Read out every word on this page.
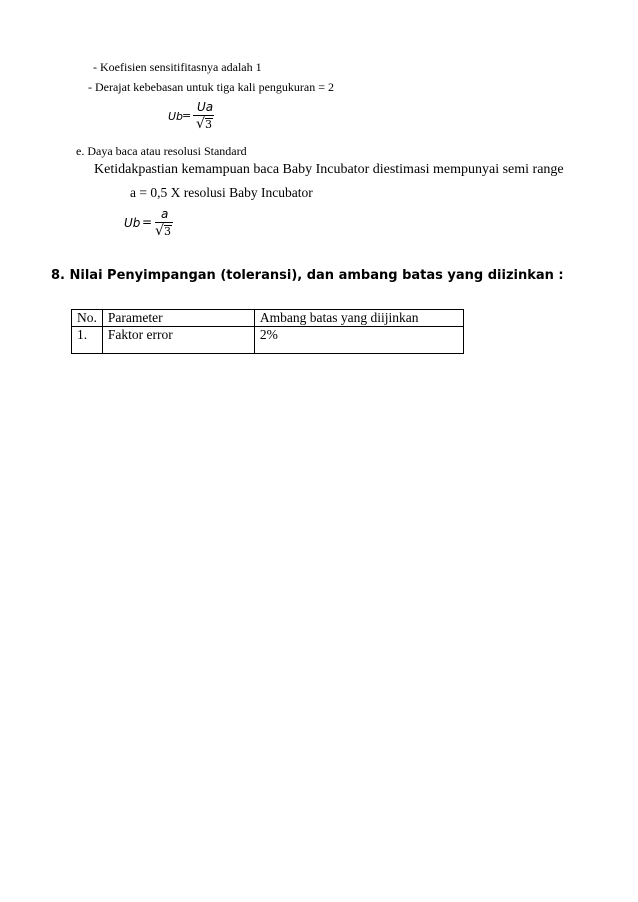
- Koefisien sensitifitasnya adalah 1
- Derajat kebebasan untuk tiga kali pengukuran = 2
Ub
=
Ua
√ 3
e. Daya baca atau resolusi Standard
Ketidakpastian kemampuan baca Baby Incubator diestimasi mempunyai semi range
a = 0,5 X resolusi Baby Incubator
Ub =
a
√ 3
8. Nilai Penyimpangan (toleransi), dan ambang batas yang diizinkan :
No.	Parameter	Ambang batas yang diijinkan
1.	Faktor error	2%
